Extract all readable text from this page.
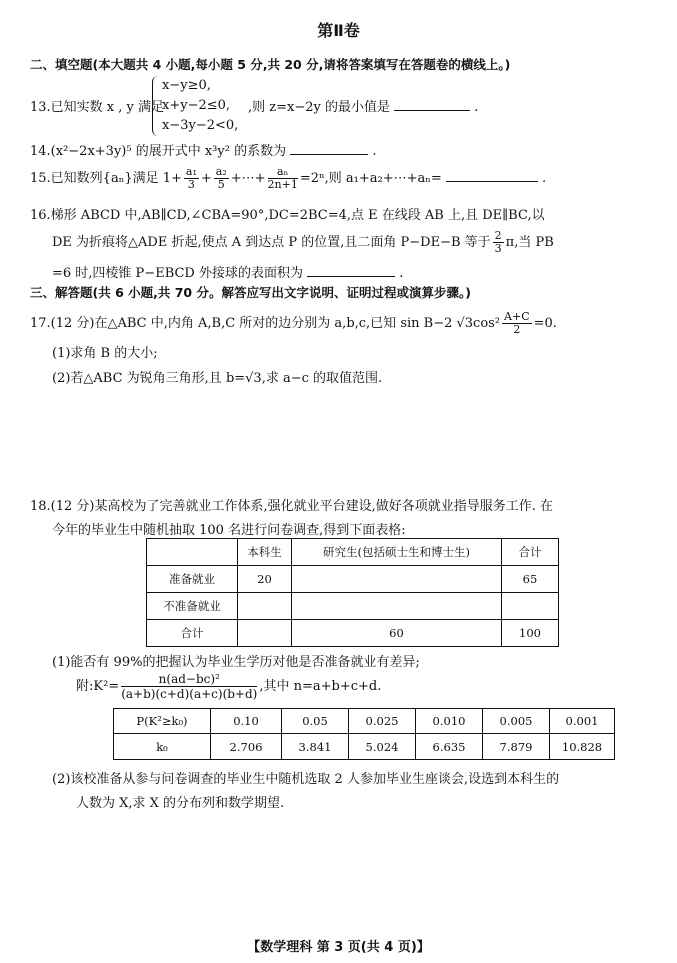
第Ⅱ卷
二、填空题(本大题共 4 小题,每小题 5 分,共 20 分,请将答案填写在答题卷的横线上。)
13.已知实数 x , y 满足
x−y≥0,
x+y−2≤0,
x−3y−2<0,
,则 z=x−2y 的最小值是	.
14.(x²−2x+3y)⁵ 的展开式中 x³y² 的系数为	.
15.已知数列{aₙ}满足 $1+ \frac{\text{a₁}}{3} + \frac{\text{a₂}}{5}$ +⋯+ $\frac{\text{aₙ}}{2n+1} =2^n$,则 a₁+a₂+⋯+aₙ=	.
16.梯形 ABCD 中,AB∥CD,∠CBA=90°,DC=2BC=4,点 E 在线段 AB 上,且 DE∥BC,以
DE 为折痕将△ADE 折起,使点 A 到达点 P 的位置,且二面角 P−DE−B 等于 $\frac{2}{3} \pi$,当 PB
=6 时,四棱锥 P−EBCD 外接球的表面积为	.
三、解答题(共 6 小题,共 70 分。解答应写出文字说明、证明过程或演算步骤。)
17.(12 分)在△ABC 中,内角 A,B,C 所对的边分别为 a,b,c,已知 sin B−2 $√3\cos^2 \frac{A+C}{2} =0$.
(1)求角 B 的大小;
(2)若△ABC 为锐角三角形,且 b=√3,求 a−c 的取值范围.
18.(12 分)某高校为了完善就业工作体系,强化就业平台建设,做好各项就业指导服务工作. 在
今年的毕业生中随机抽取 100 名进行问卷调查,得到下面表格:
	本科生	研究生(包括硕士生和博士生)	合计
准备就业	20		65
不准备就业			
合计		60	100
(1)能否有 99%的把握认为毕业生学历对他是否准备就业有差异;
附:K²= $\frac{\text{n(ad−bc)²}}{(a+b)(c+d)(a+c)(b+d)}$ ,其中 n=a+b+c+d.
P(K²≥k₀)	0.10	0.05	0.025	0.010	0.005	0.001
k₀	2.706	3.841	5.024	6.635	7.879	10.828
(2)该校准备从参与问卷调查的毕业生中随机选取 2 人参加毕业生座谈会,设选到本科生的
人数为 X,求 X 的分布列和数学期望.
【数学理科 第 3 页(共 4 页)】
